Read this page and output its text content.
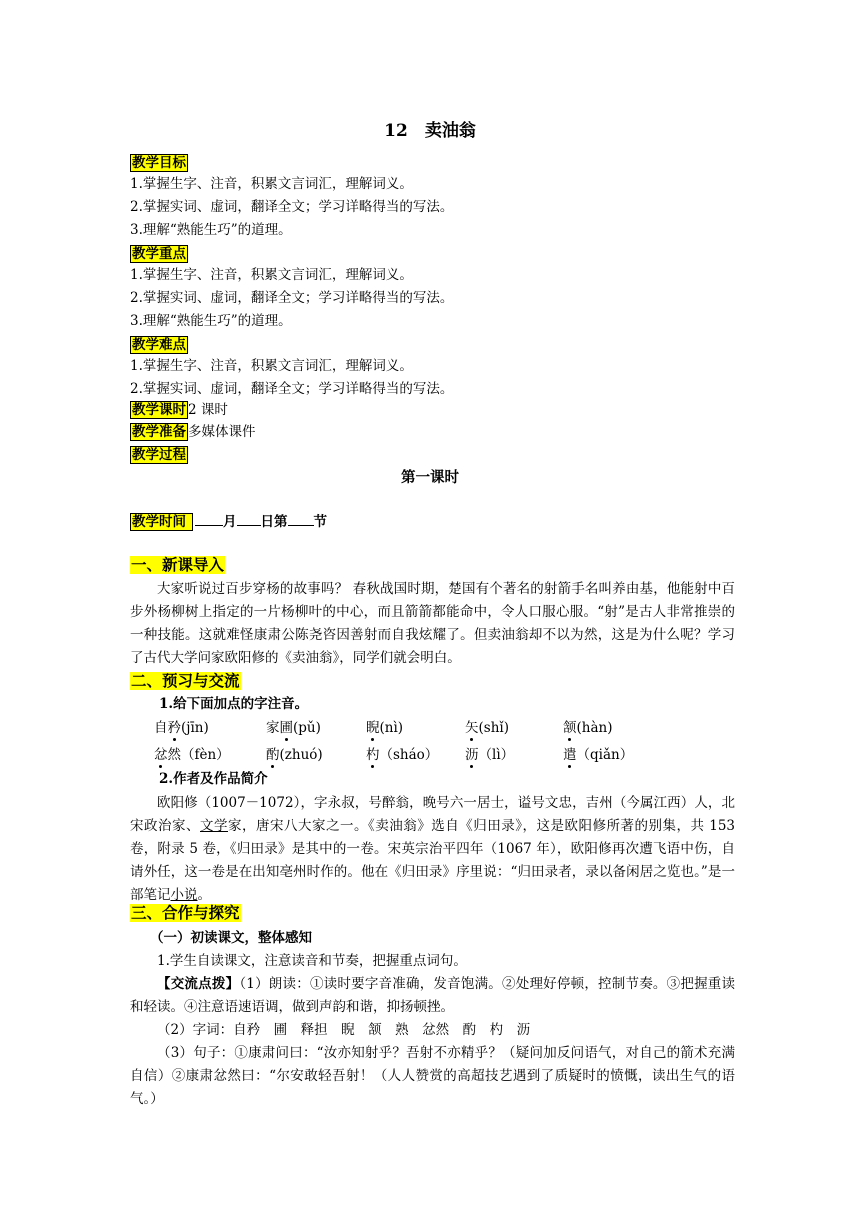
12　卖油翁
教学目标
1.掌握生字、注音，积累文言词汇，理解词义。
2.掌握实词、虚词，翻译全文；学习详略得当的写法。
3.理解“熟能生巧”的道理。
教学重点
1.掌握生字、注音，积累文言词汇，理解词义。
2.掌握实词、虚词，翻译全文；学习详略得当的写法。
3.理解“熟能生巧”的道理。
教学难点
1.掌握生字、注音，积累文言词汇，理解词义。
2.掌握实词、虚词，翻译全文；学习详略得当的写法。
教学课时 2 课时
教学准备 多媒体课件
教学过程
第一课时
教学时间	月 日第 节
一、新课导入
大家听说过百步穿杨的故事吗？ 春秋战国时期，楚国有个著名的射箭手名叫养由基，他能射中百步外杨柳树上指定的一片杨柳叶的中心，而且箭箭都能命中，令人口服心服。“射”是古人非常推崇的一种技能。这就难怪康肃公陈尧咨因善射而自我炫耀了。但卖油翁却不以为然，这是为什么呢？学习了古代大学问家欧阳修的《卖油翁》，同学们就会明白。
二、预习与交流
1.给下面加点的字注音。
自矜(jīn)	家圃(pǔ)	睨(nì)	矢(shǐ)	颔(hàn)
忿然（fèn）	酌(zhuó)	杓（sháo） 沥（lì）	遣（qiǎn）
2.作者及作品简介
欧阳修（1007－1072），字永叔，号醉翁，晚号六一居士，谥号文忠，吉州（今属江西）人，北宋政治家、文学家，唐宋八大家之一。《卖油翁》选自《归田录》，这是欧阳修所著的别集，共 153 卷，附录 5 卷，《归田录》是其中的一卷。宋英宗治平四年（1067 年），欧阳修再次遭飞语中伤，自请外任，这一卷是在出知亳州时作的。他在《归田录》序里说：“归田录者，录以备闲居之览也。”是一部笔记小说。
三、合作与探究
（一）初读课文，整体感知
1.学生自读课文，注意读音和节奏，把握重点词句。
【交流点拨】（1）朗读：①读时要字音准确，发音饱满。②处理好停顿，控制节奏。③把握重读和轻读。④注意语速语调，做到声韵和谐，抑扬顿挫。
（2）字词：自矜　圃　释担　睨　颔　熟　忿然　酌　杓　沥
（3）句子：①康肃问曰：“汝亦知射乎？吾射不亦精乎？（疑问加反问语气，对自己的箭术充满自信）②康肃忿然曰：“尔安敢轻吾射！（人人赞赏的高超技艺遇到了质疑时的愤慨，读出生气的语气。）
